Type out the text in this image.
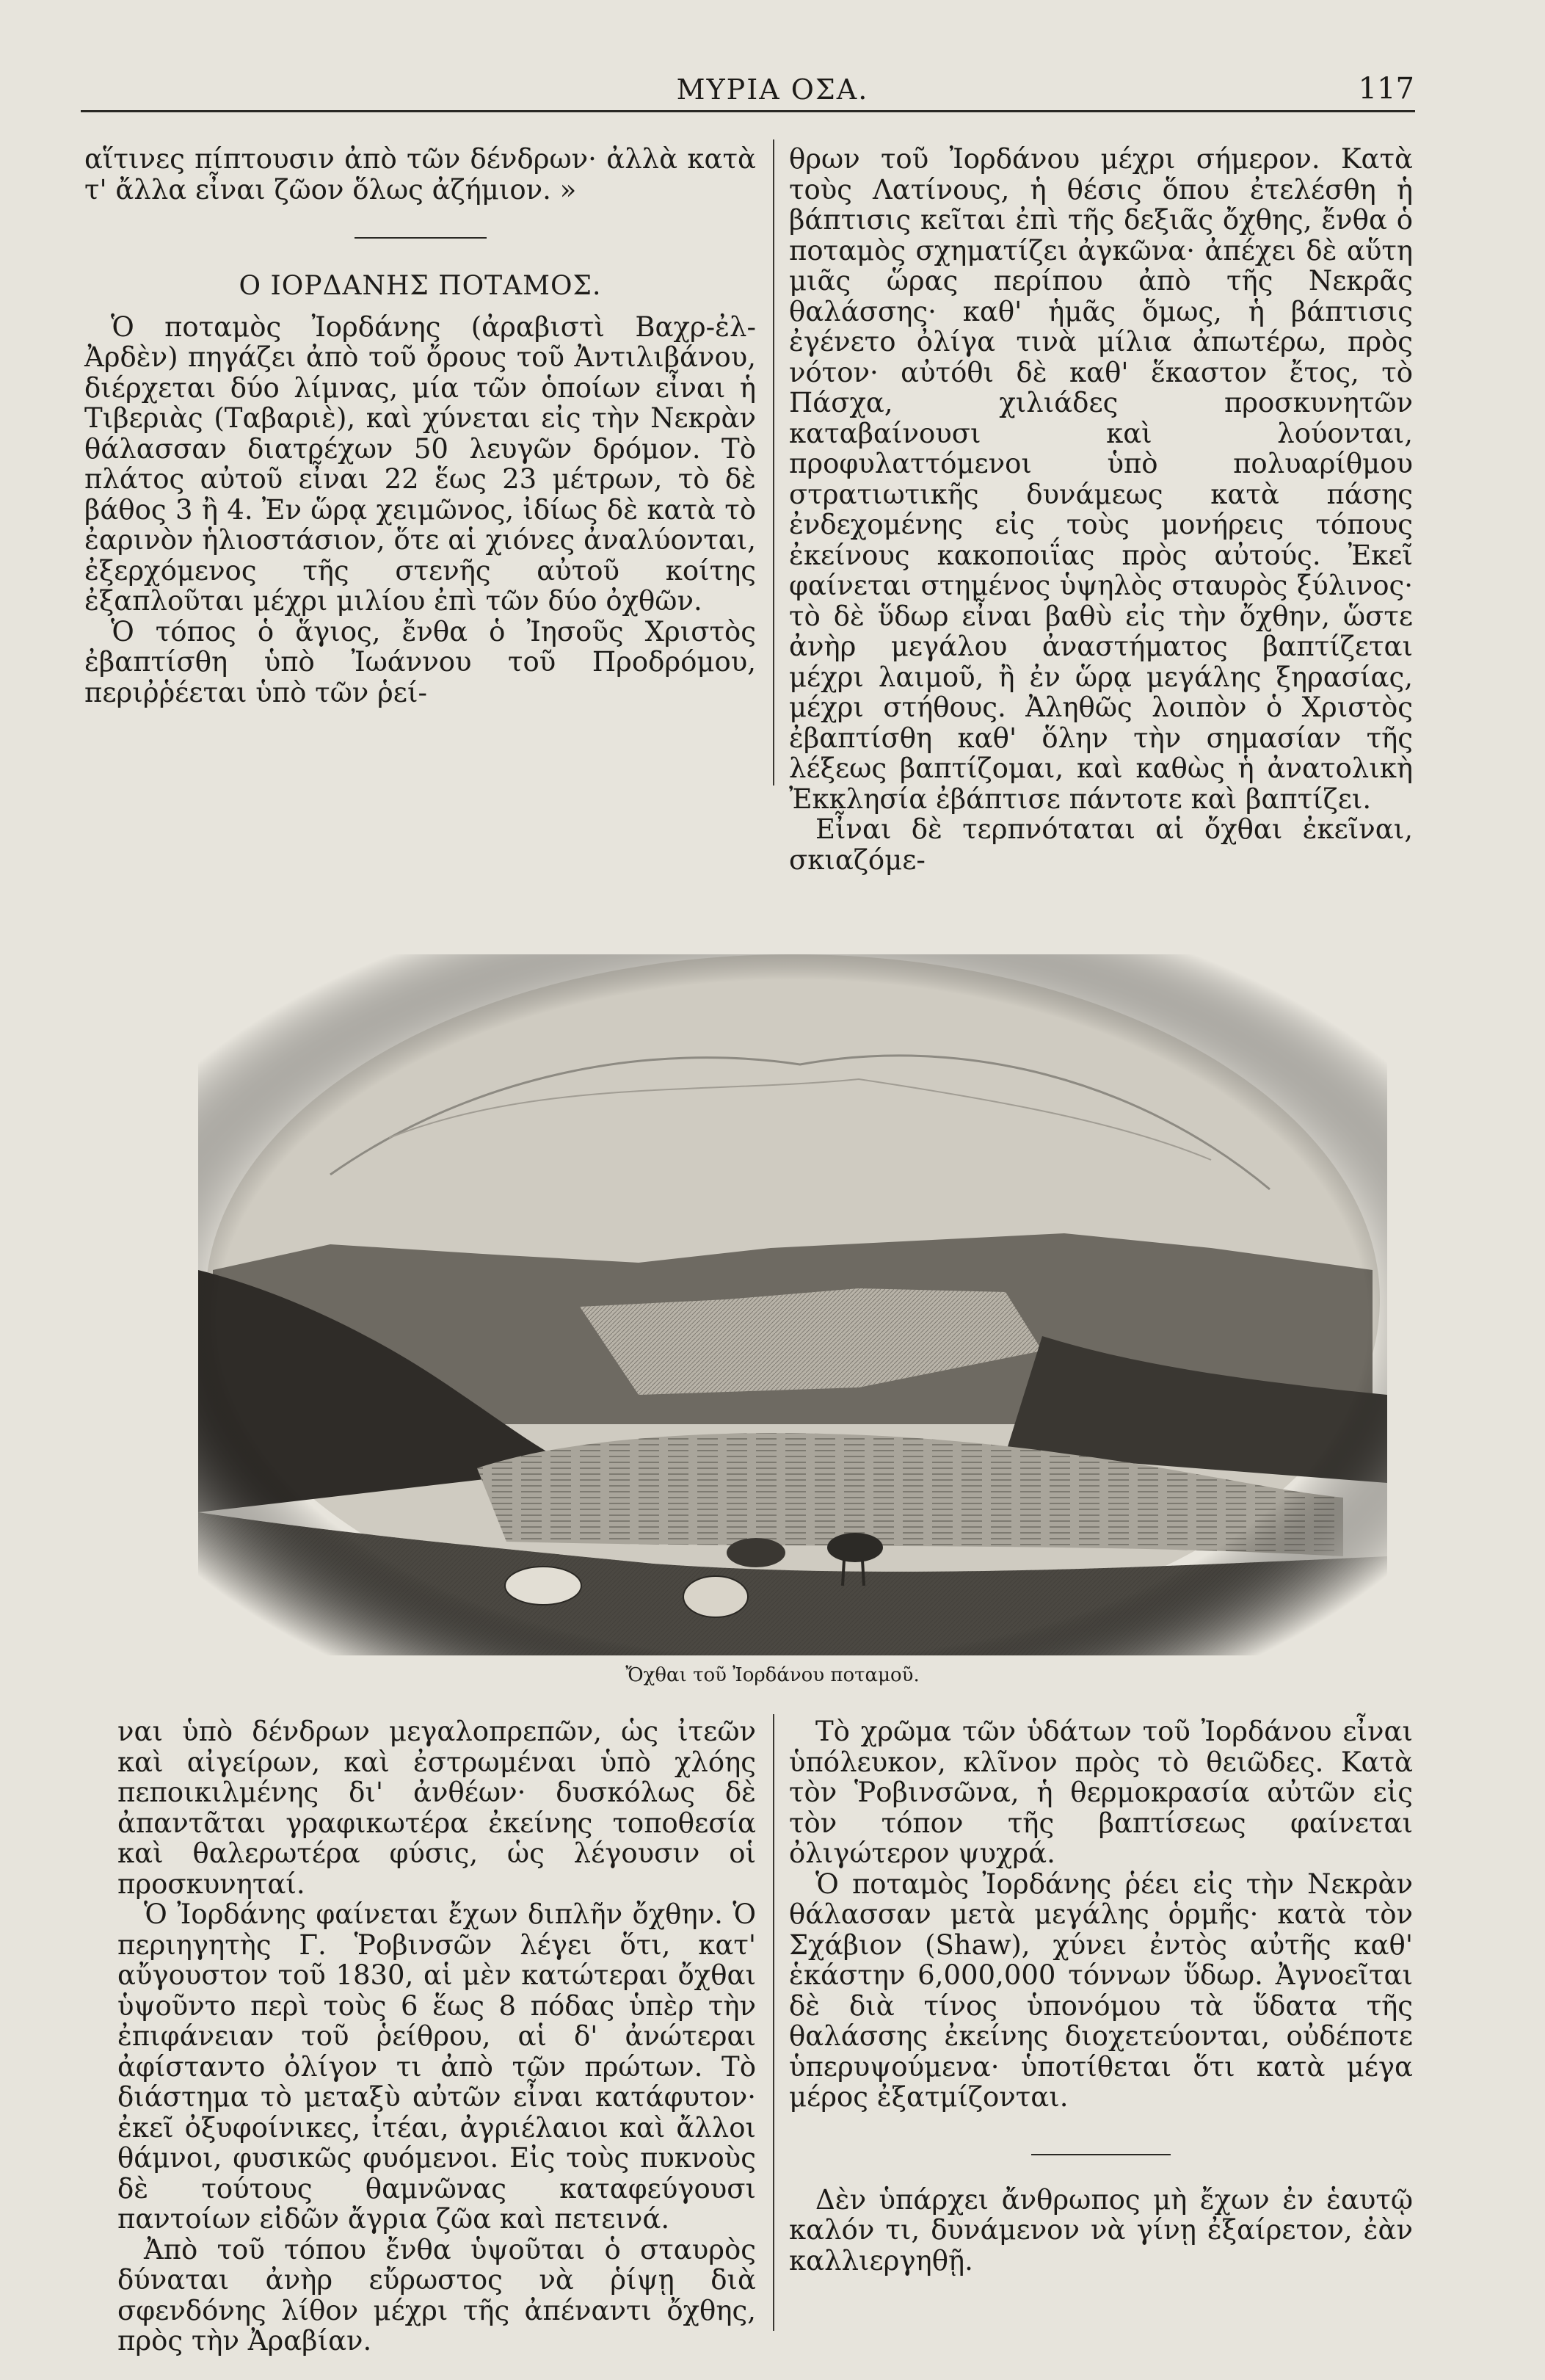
ΜΥΡΙΑ ΟΣΑ.	117

αἵτινες πίπτουσιν ἀπὸ τῶν δένδρων· ἀλλὰ κατὰ τ' ἄλλα εἶναι ζῶον ὅλως ἀζήμιον. »

Ο ΙΟΡΔΑΝΗΣ ΠΟΤΑΜΟΣ.

Ὁ ποταμὸς Ἰορδάνης (ἀραβιστὶ Βαχρ-ἐλ-Ἀρδὲν) πηγάζει ἀπὸ τοῦ ὄρους τοῦ Ἀντιλιβάνου, διέρχεται δύο λίμνας, μία τῶν ὁποίων εἶναι ἡ Τιβεριὰς (Ταβαριὲ), καὶ χύνεται εἰς τὴν Νεκρὰν θάλασσαν διατρέχων 50 λευγῶν δρόμον. Τὸ πλάτος αὐτοῦ εἶναι 22 ἕως 23 μέτρων, τὸ δὲ βάθος 3 ἢ 4. Ἐν ὥρᾳ χειμῶνος, ἰδίως δὲ κατὰ τὸ ἐαρινὸν ἡλιοστάσιον, ὅτε αἱ χιόνες ἀναλύονται, ἐξερχόμενος τῆς στενῆς αὐτοῦ κοίτης ἐξαπλοῦται μέχρι μιλίου ἐπὶ τῶν δύο ὀχθῶν.

Ὁ τόπος ὁ ἅγιος, ἔνθα ὁ Ἰησοῦς Χριστὸς ἐβαπτίσθη ὑπὸ Ἰωάννου τοῦ Προδρόμου, περιῤῥέεται ὑπὸ τῶν ῥεί-

θρων τοῦ Ἰορδάνου μέχρι σήμερον. Κατὰ τοὺς Λατίνους, ἡ θέσις ὅπου ἐτελέσθη ἡ βάπτισις κεῖται ἐπὶ τῆς δεξιᾶς ὄχθης, ἔνθα ὁ ποταμὸς σχηματίζει ἀγκῶνα· ἀπέχει δὲ αὕτη μιᾶς ὥρας περίπου ἀπὸ τῆς Νεκρᾶς θαλάσσης· καθ' ἡμᾶς ὅμως, ἡ βάπτισις ἐγένετο ὀλίγα τινὰ μίλια ἀπωτέρω, πρὸς νότον· αὐτόθι δὲ καθ' ἕκαστον ἔτος, τὸ Πάσχα, χιλιάδες προσκυνητῶν καταβαίνουσι καὶ λούονται, προφυλαττόμενοι ὑπὸ πολυαρίθμου στρατιωτικῆς δυνάμεως κατὰ πάσης ἐνδεχομένης εἰς τοὺς μονήρεις τόπους ἐκείνους κακοποιΐας πρὸς αὐτούς. Ἐκεῖ φαίνεται στημένος ὑψηλὸς σταυρὸς ξύλινος· τὸ δὲ ὕδωρ εἶναι βαθὺ εἰς τὴν ὄχθην, ὥστε ἀνὴρ μεγάλου ἀναστήματος βαπτίζεται μέχρι λαιμοῦ, ἢ ἐν ὥρᾳ μεγάλης ξηρασίας, μέχρι στήθους. Ἀληθῶς λοιπὸν ὁ Χριστὸς ἐβαπτίσθη καθ' ὅλην τὴν σημασίαν τῆς λέξεως βαπτίζομαι, καὶ καθὼς ἡ ἀνατολικὴ Ἐκκλησία ἐβάπτισε πάντοτε καὶ βαπτίζει.

Εἶναι δὲ τερπνόταται αἱ ὄχθαι ἐκεῖναι, σκιαζόμε-

Ὄχθαι τοῦ Ἰορδάνου ποταμοῦ.

ναι ὑπὸ δένδρων μεγαλοπρεπῶν, ὡς ἰτεῶν καὶ αἰγείρων, καὶ ἐστρωμέναι ὑπὸ χλόης πεποικιλμένης δι' ἀνθέων· δυσκόλως δὲ ἀπαντᾶται γραφικωτέρα ἐκείνης τοποθεσία καὶ θαλερωτέρα φύσις, ὡς λέγουσιν οἱ προσκυνηταί.

Ὁ Ἰορδάνης φαίνεται ἔχων διπλῆν ὄχθην. Ὁ περιηγητὴς Γ. Ῥοβινσῶν λέγει ὅτι, κατ' αὔγουστον τοῦ 1830, αἱ μὲν κατώτεραι ὄχθαι ὑψοῦντο περὶ τοὺς 6 ἕως 8 πόδας ὑπὲρ τὴν ἐπιφάνειαν τοῦ ῥείθρου, αἱ δ' ἀνώτεραι ἀφίσταντο ὀλίγον τι ἀπὸ τῶν πρώτων. Τὸ διάστημα τὸ μεταξὺ αὐτῶν εἶναι κατάφυτον· ἐκεῖ ὀξυφοίνικες, ἰτέαι, ἀγριέλαιοι καὶ ἄλλοι θάμνοι, φυσικῶς φυόμενοι. Εἰς τοὺς πυκνοὺς δὲ τούτους θαμνῶνας καταφεύγουσι παντοίων εἰδῶν ἄγρια ζῶα καὶ πετεινά.

Ἀπὸ τοῦ τόπου ἔνθα ὑψοῦται ὁ σταυρὸς δύναται ἀνὴρ εὔρωστος νὰ ῥίψῃ διὰ σφενδόνης λίθον μέχρι τῆς ἀπέναντι ὄχθης, πρὸς τὴν Ἀραβίαν.

Τὸ χρῶμα τῶν ὑδάτων τοῦ Ἰορδάνου εἶναι ὑπόλευκον, κλῖνον πρὸς τὸ θειῶδες. Κατὰ τὸν Ῥοβινσῶνα, ἡ θερμοκρασία αὐτῶν εἰς τὸν τόπον τῆς βαπτίσεως φαίνεται ὀλιγώτερον ψυχρά.

Ὁ ποταμὸς Ἰορδάνης ῥέει εἰς τὴν Νεκρὰν θάλασσαν μετὰ μεγάλης ὁρμῆς· κατὰ τὸν Σχάβιον (Shaw), χύνει ἐντὸς αὐτῆς καθ' ἑκάστην 6,000,000 τόννων ὕδωρ. Ἀγνοεῖται δὲ διὰ τίνος ὑπονόμου τὰ ὕδατα τῆς θαλάσσης ἐκείνης διοχετεύονται, οὐδέποτε ὑπερυψούμενα· ὑποτίθεται ὅτι κατὰ μέγα μέρος ἐξατμίζονται.

Δὲν ὑπάρχει ἄνθρωπος μὴ ἔχων ἐν ἑαυτῷ καλόν τι, δυνάμενον νὰ γίνῃ ἐξαίρετον, ἐὰν καλλιεργηθῇ.
